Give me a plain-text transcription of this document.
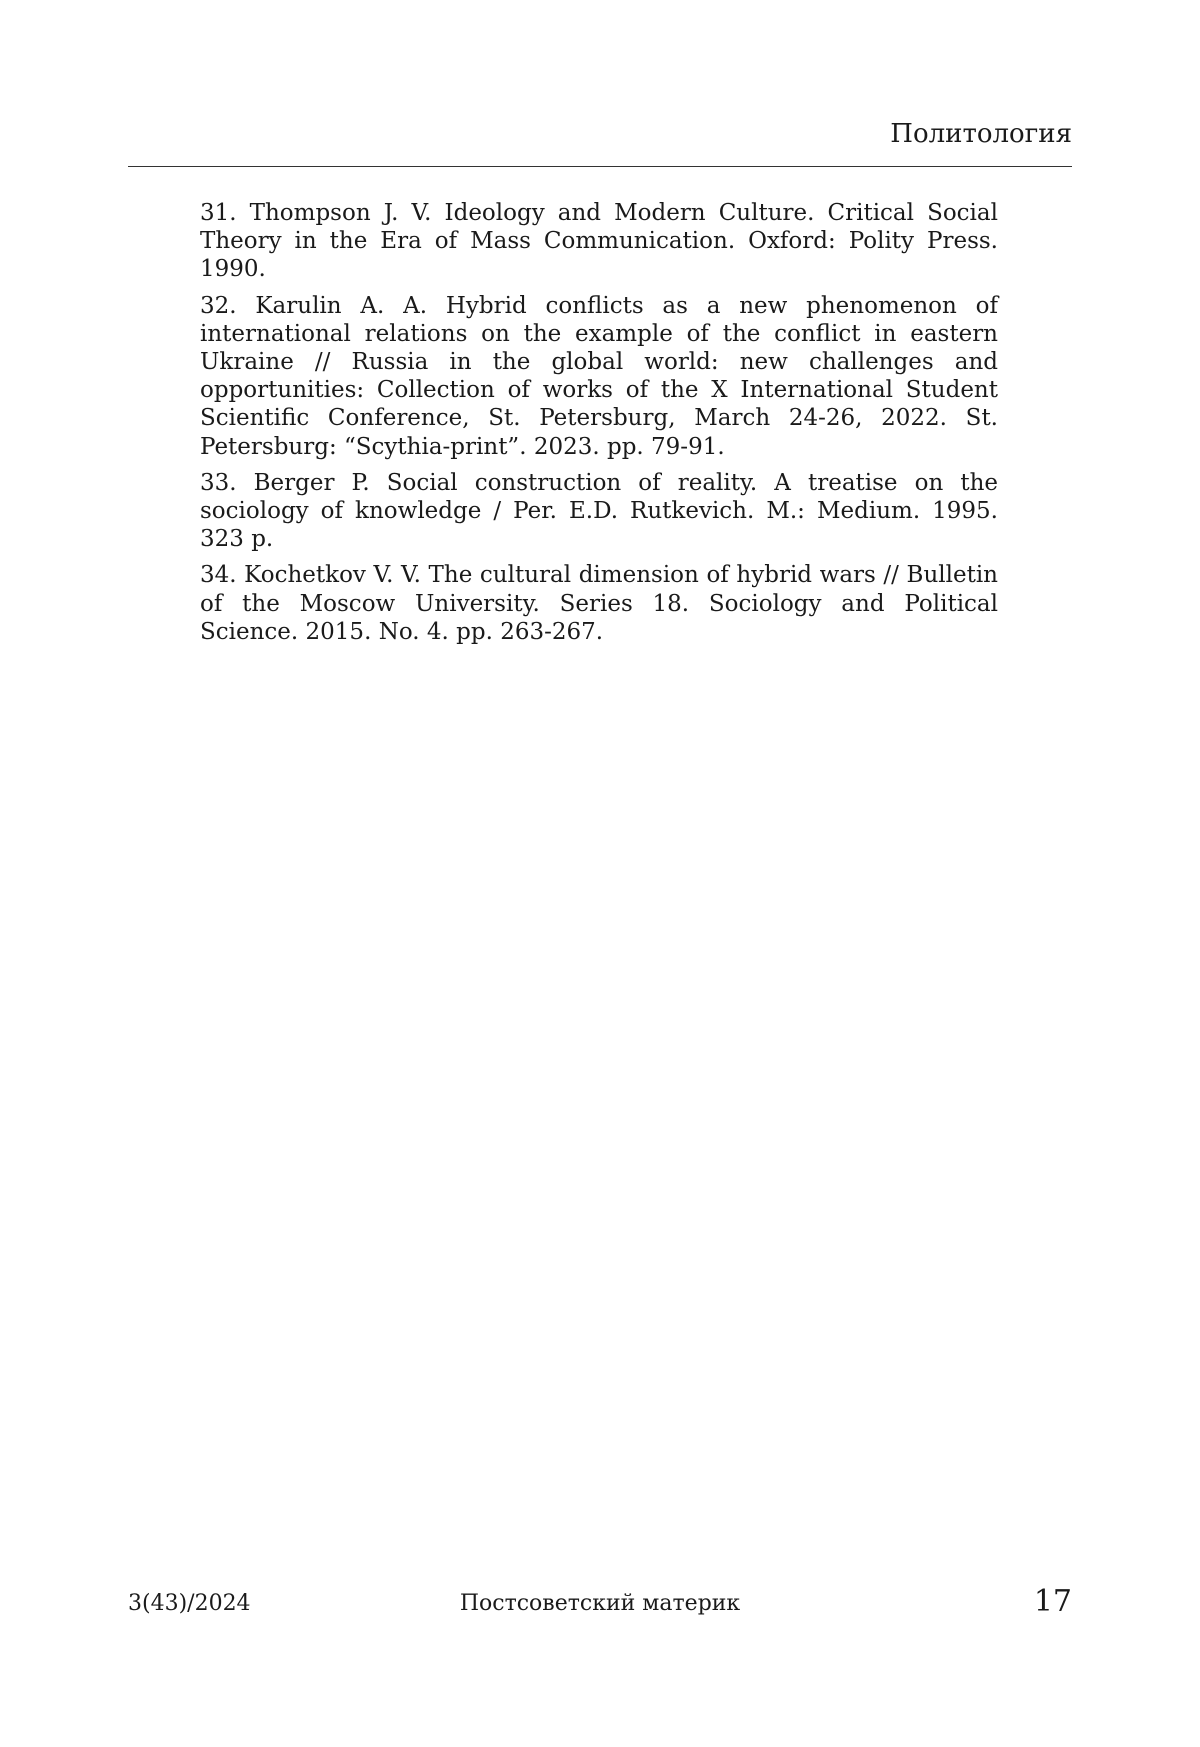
Политология
31. Thompson J. V. Ideology and Modern Culture. Critical Social Theory in the Era of Mass Communication. Oxford: Polity Press. 1990.
32. Karulin A. A. Hybrid conflicts as a new phenomenon of international relations on the example of the conflict in eastern Ukraine // Russia in the global world: new challenges and opportunities: Collection of works of the X International Student Scientific Conference, St. Petersburg, March 24-26, 2022. St. Petersburg: “Scythia-print”. 2023. pp. 79-91.
33. Berger P. Social construction of reality. A treatise on the sociology of knowledge / Per. E.D. Rutkevich. M.: Medium. 1995. 323 p.
34. Kochetkov V. V. The cultural dimension of hybrid wars // Bulletin of the Moscow University. Series 18. Sociology and Political Science. 2015. No. 4. pp. 263-267.
3(43)/2024	Постсоветский материк	17
